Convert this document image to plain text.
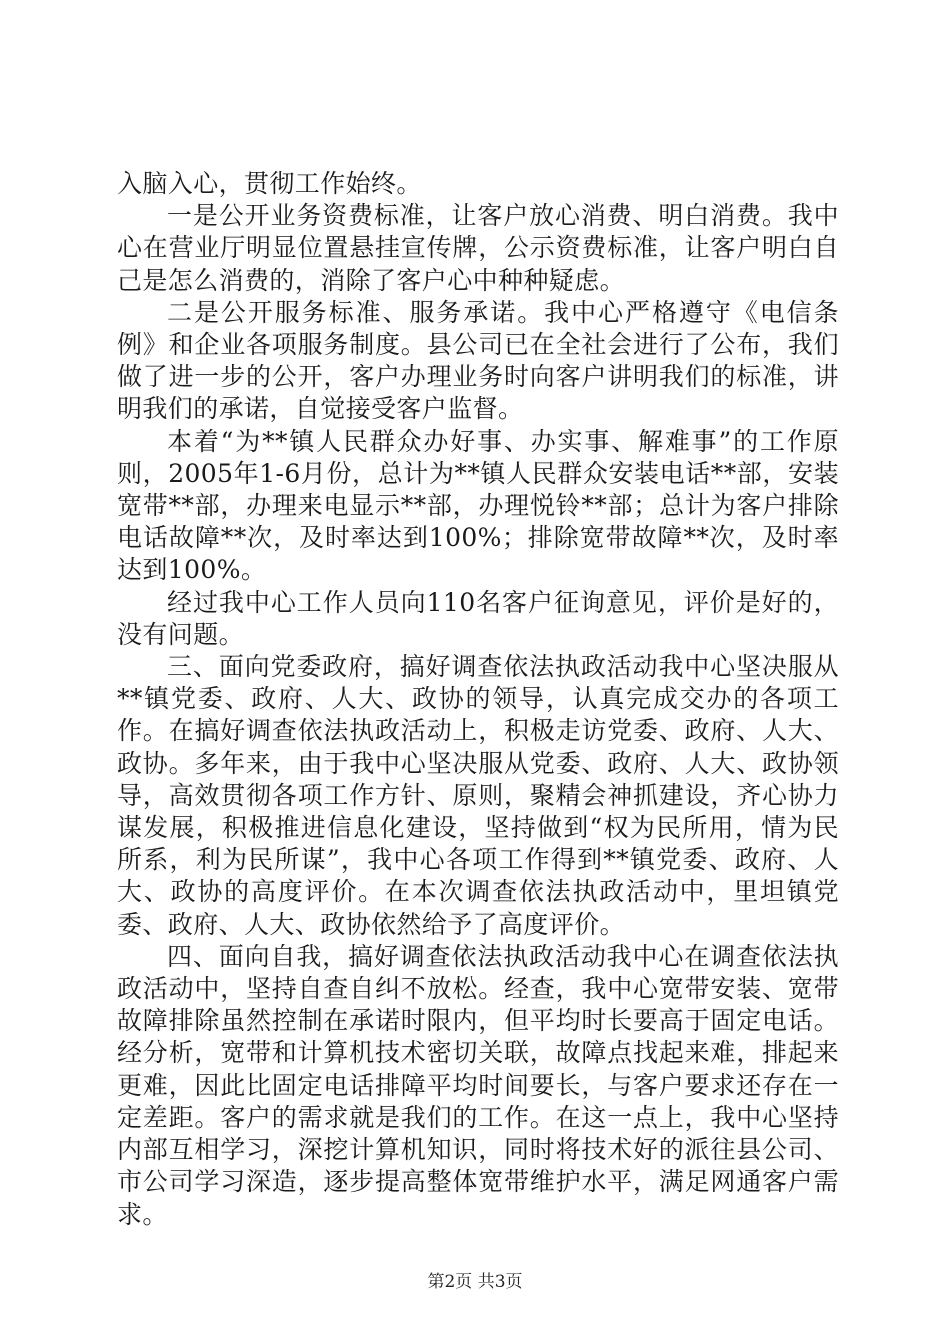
入脑入心，贯彻工作始终。

一是公开业务资费标准，让客户放心消费、明白消费。我中心在营业厅明显位置悬挂宣传牌，公示资费标准，让客户明白自己是怎么消费的，消除了客户心中种种疑虑。

二是公开服务标准、服务承诺。我中心严格遵守《电信条例》和企业各项服务制度。县公司已在全社会进行了公布，我们做了进一步的公开，客户办理业务时向客户讲明我们的标准，讲明我们的承诺，自觉接受客户监督。

本着“为**镇人民群众办好事、办实事、解难事”的工作原则，2005年1-6月份，总计为**镇人民群众安装电话**部，安装宽带**部，办理来电显示**部，办理悦铃**部；总计为客户排除电话故障**次，及时率达到100%；排除宽带故障**次，及时率达到100%。

经过我中心工作人员向110名客户征询意见，评价是好的，没有问题。

三、面向党委政府，搞好调查依法执政活动我中心坚决服从**镇党委、政府、人大、政协的领导，认真完成交办的各项工作。在搞好调查依法执政活动上，积极走访党委、政府、人大、政协。多年来，由于我中心坚决服从党委、政府、人大、政协领导，高效贯彻各项工作方针、原则，聚精会神抓建设，齐心协力谋发展，积极推进信息化建设，坚持做到“权为民所用，情为民所系，利为民所谋”，我中心各项工作得到**镇党委、政府、人大、政协的高度评价。在本次调查依法执政活动中，里坦镇党委、政府、人大、政协依然给予了高度评价。

四、面向自我，搞好调查依法执政活动我中心在调查依法执政活动中，坚持自查自纠不放松。经查，我中心宽带安装、宽带故障排除虽然控制在承诺时限内，但平均时长要高于固定电话。经分析，宽带和计算机技术密切关联，故障点找起来难，排起来更难，因此比固定电话排障平均时间要长，与客户要求还存在一定差距。客户的需求就是我们的工作。在这一点上，我中心坚持内部互相学习，深挖计算机知识，同时将技术好的派往县公司、市公司学习深造，逐步提高整体宽带维护水平，满足网通客户需求。

第2页 共3页
